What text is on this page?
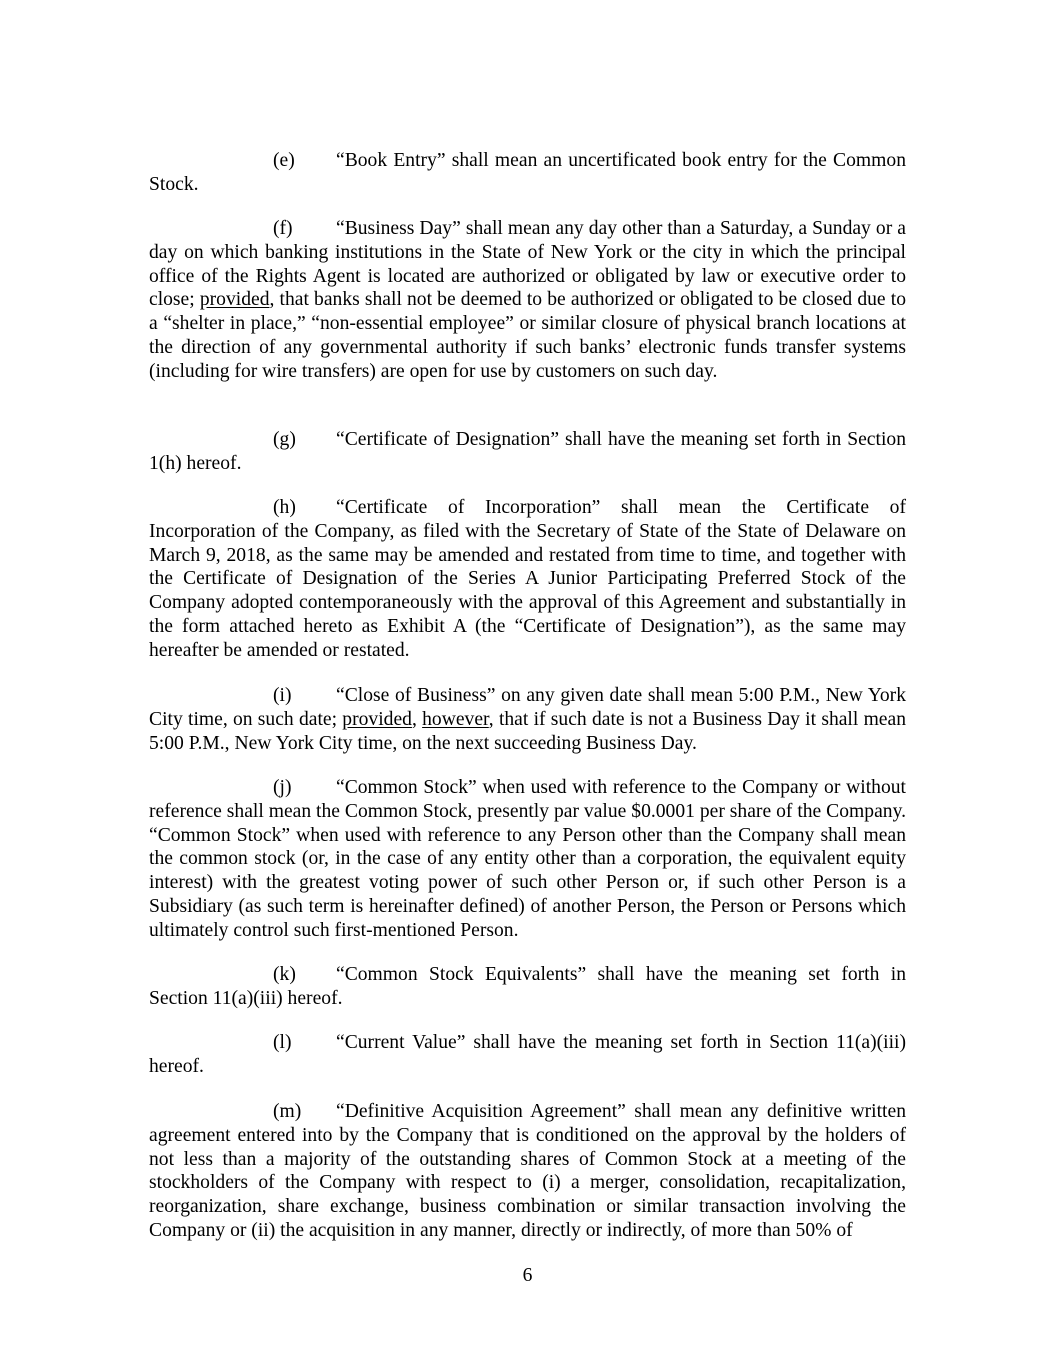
(e) “Book Entry” shall mean an uncertificated book entry for the Common Stock.

(f) “Business Day” shall mean any day other than a Saturday, a Sunday or a day on which banking institutions in the State of New York or the city in which the principal office of the Rights Agent is located are authorized or obligated by law or executive order to close; provided, that banks shall not be deemed to be authorized or obligated to be closed due to a “shelter in place,” “non-essential employee” or similar closure of physical branch locations at the direction of any governmental authority if such banks’ electronic funds transfer systems (including for wire transfers) are open for use by customers on such day.

(g) “Certificate of Designation” shall have the meaning set forth in Section 1(h) hereof.

(h) “Certificate of Incorporation” shall mean the Certificate of Incorporation of the Company, as filed with the Secretary of State of the State of Delaware on March 9, 2018, as the same may be amended and restated from time to time, and together with the Certificate of Designation of the Series A Junior Participating Preferred Stock of the Company adopted contemporaneously with the approval of this Agreement and substantially in the form attached hereto as Exhibit A (the “Certificate of Designation”), as the same may hereafter be amended or restated.

(i) “Close of Business” on any given date shall mean 5:00 P.M., New York City time, on such date; provided, however, that if such date is not a Business Day it shall mean 5:00 P.M., New York City time, on the next succeeding Business Day.

(j) “Common Stock” when used with reference to the Company or without reference shall mean the Common Stock, presently par value $0.0001 per share of the Company. “Common Stock” when used with reference to any Person other than the Company shall mean the common stock (or, in the case of any entity other than a corporation, the equivalent equity interest) with the greatest voting power of such other Person or, if such other Person is a Subsidiary (as such term is hereinafter defined) of another Person, the Person or Persons which ultimately control such first-mentioned Person.

(k) “Common Stock Equivalents” shall have the meaning set forth in Section 11(a)(iii) hereof.

(l) “Current Value” shall have the meaning set forth in Section 11(a)(iii) hereof.

(m) “Definitive Acquisition Agreement” shall mean any definitive written agreement entered into by the Company that is conditioned on the approval by the holders of not less than a majority of the outstanding shares of Common Stock at a meeting of the stockholders of the Company with respect to (i) a merger, consolidation, recapitalization, reorganization, share exchange, business combination or similar transaction involving the Company or (ii) the acquisition in any manner, directly or indirectly, of more than 50% of

6
